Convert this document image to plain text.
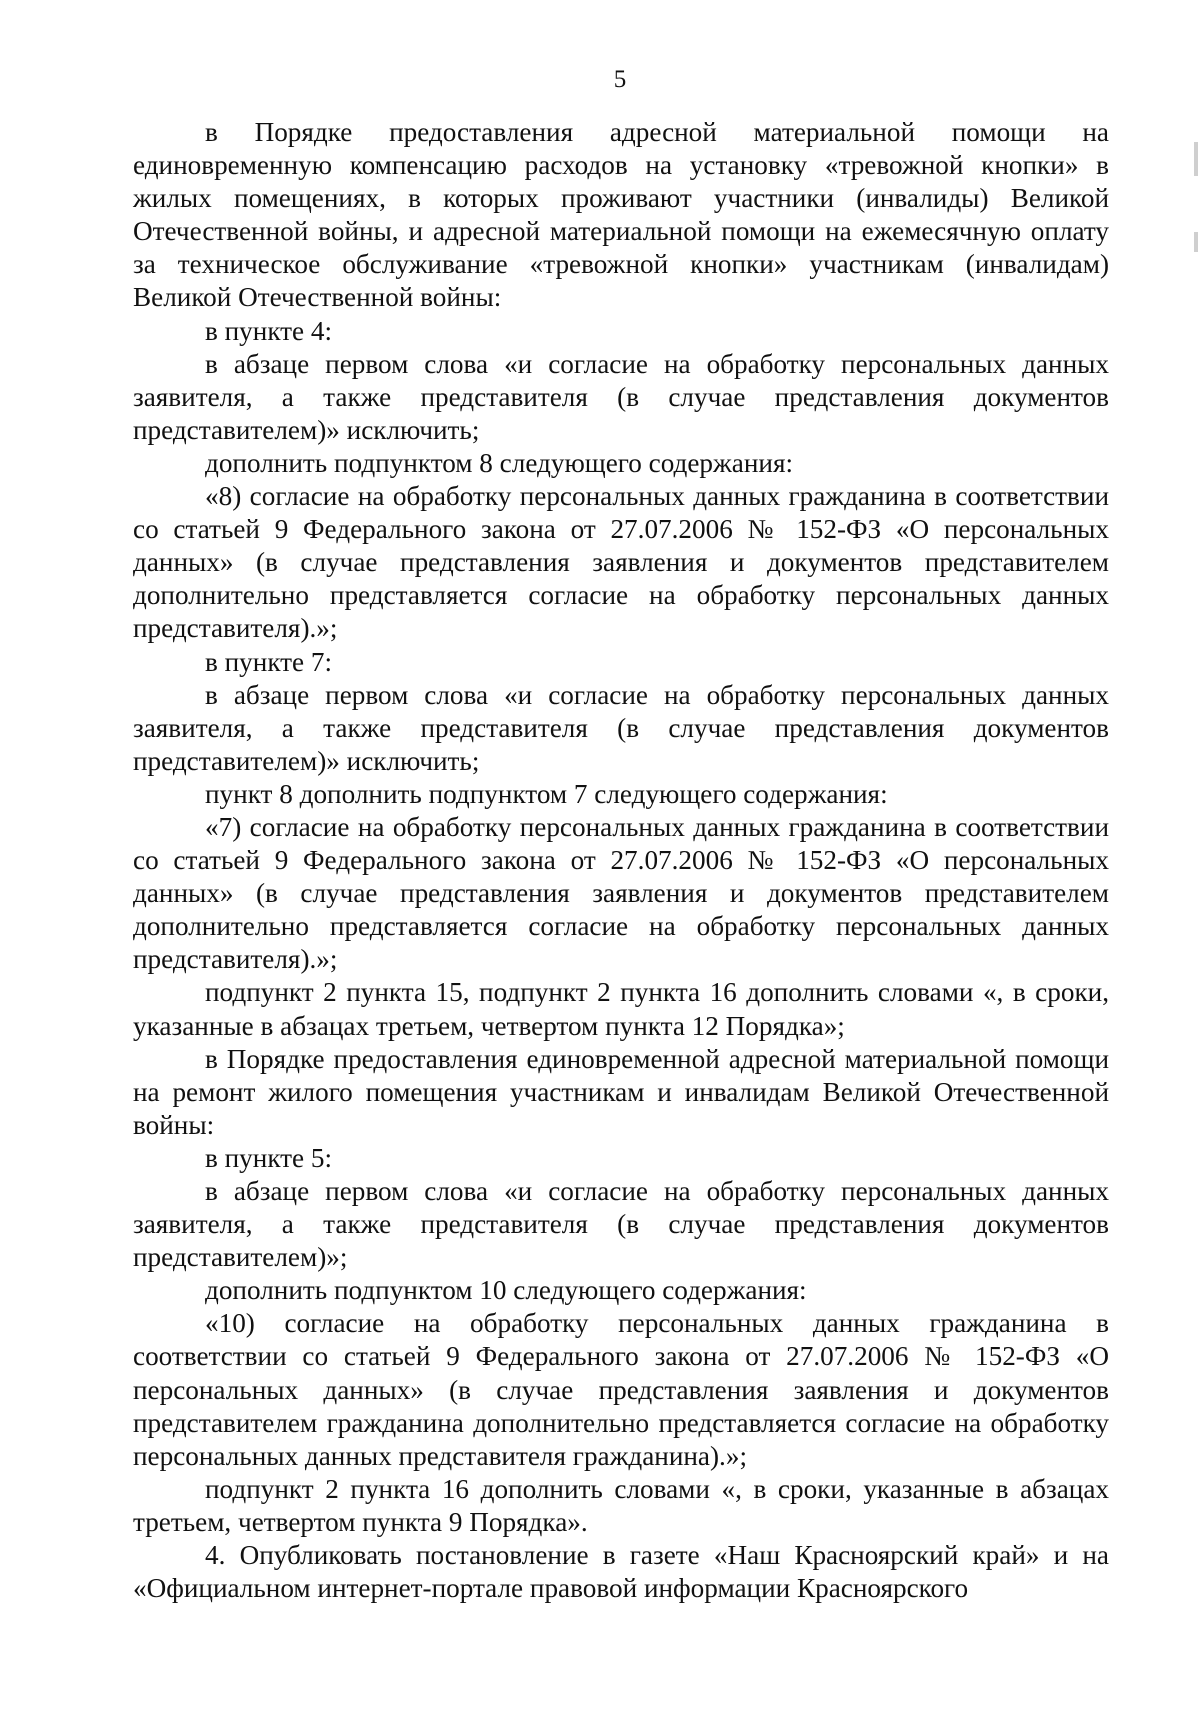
5

в Порядке предоставления адресной материальной помощи на единовременную компенсацию расходов на установку «тревожной кнопки» в жилых помещениях, в которых проживают участники (инвалиды) Великой Отечественной войны, и адресной материальной помощи на ежемесячную оплату за техническое обслуживание «тревожной кнопки» участникам (инвалидам) Великой Отечественной войны:

в пункте 4:

в абзаце первом слова «и согласие на обработку персональных данных заявителя, а также представителя (в случае представления документов представителем)» исключить;

дополнить подпунктом 8 следующего содержания:

«8) согласие на обработку персональных данных гражданина в соответствии со статьей 9 Федерального закона от 27.07.2006 № 152-ФЗ «О персональных данных» (в случае представления заявления и документов представителем дополнительно представляется согласие на обработку персональных данных представителя).»;

в пункте 7:

в абзаце первом слова «и согласие на обработку персональных данных заявителя, а также представителя (в случае представления документов представителем)» исключить;

пункт 8 дополнить подпунктом 7 следующего содержания:

«7) согласие на обработку персональных данных гражданина в соответствии со статьей 9 Федерального закона от 27.07.2006 № 152-ФЗ «О персональных данных» (в случае представления заявления и документов представителем дополнительно представляется согласие на обработку персональных данных представителя).»;

подпункт 2 пункта 15, подпункт 2 пункта 16 дополнить словами «, в сроки, указанные в абзацах третьем, четвертом пункта 12 Порядка»;

в Порядке предоставления единовременной адресной материальной помощи на ремонт жилого помещения участникам и инвалидам Великой Отечественной войны:

в пункте 5:

в абзаце первом слова «и согласие на обработку персональных данных заявителя, а также представителя (в случае представления документов представителем)»;

дополнить подпунктом 10 следующего содержания:

«10) согласие на обработку персональных данных гражданина в соответствии со статьей 9 Федерального закона от 27.07.2006 № 152-ФЗ «О персональных данных» (в случае представления заявления и документов представителем гражданина дополнительно представляется согласие на обработку персональных данных представителя гражданина).»;

подпункт 2 пункта 16 дополнить словами «, в сроки, указанные в абзацах третьем, четвертом пункта 9 Порядка».

4. Опубликовать постановление в газете «Наш Красноярский край» и на «Официальном интернет-портале правовой информации Красноярского
